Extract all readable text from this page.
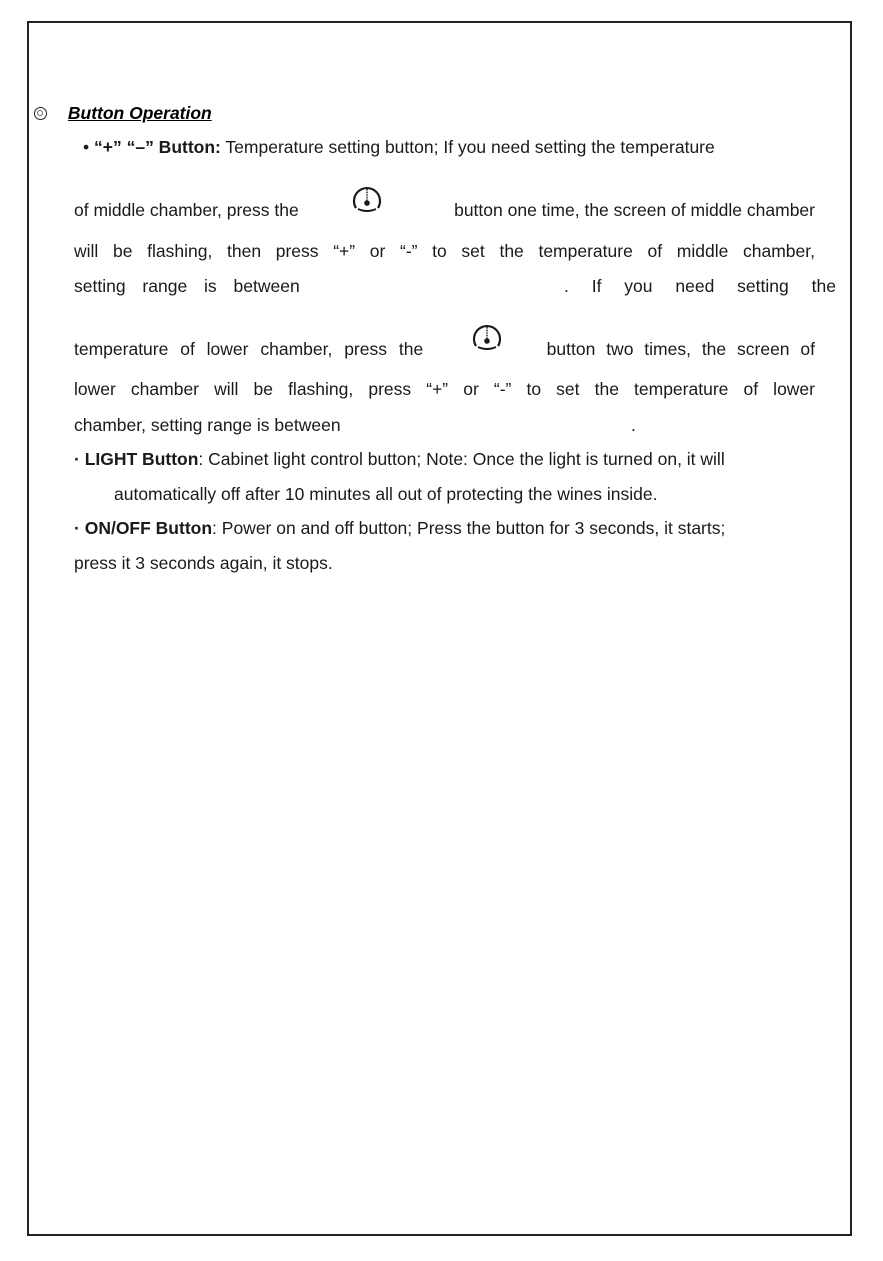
Button Operation
• “+” “–” Button: Temperature setting button; If you need setting the temperature
of middle chamber, press the	button one time, the screen of middle chamber
will be flashing, then press “+” or “-” to set the temperature of middle chamber,
setting range is between	. If you need setting the
temperature of lower chamber, press the	button two times, the screen of
lower chamber will be flashing, press “+” or “-” to set the temperature of lower
chamber, setting range is between	.
· LIGHT Button: Cabinet light control button; Note: Once the light is turned on, it will
automatically off after 10 minutes all out of protecting the wines inside.
· ON/OFF Button: Power on and off button; Press the button for 3 seconds, it starts;
press it 3 seconds again, it stops.
